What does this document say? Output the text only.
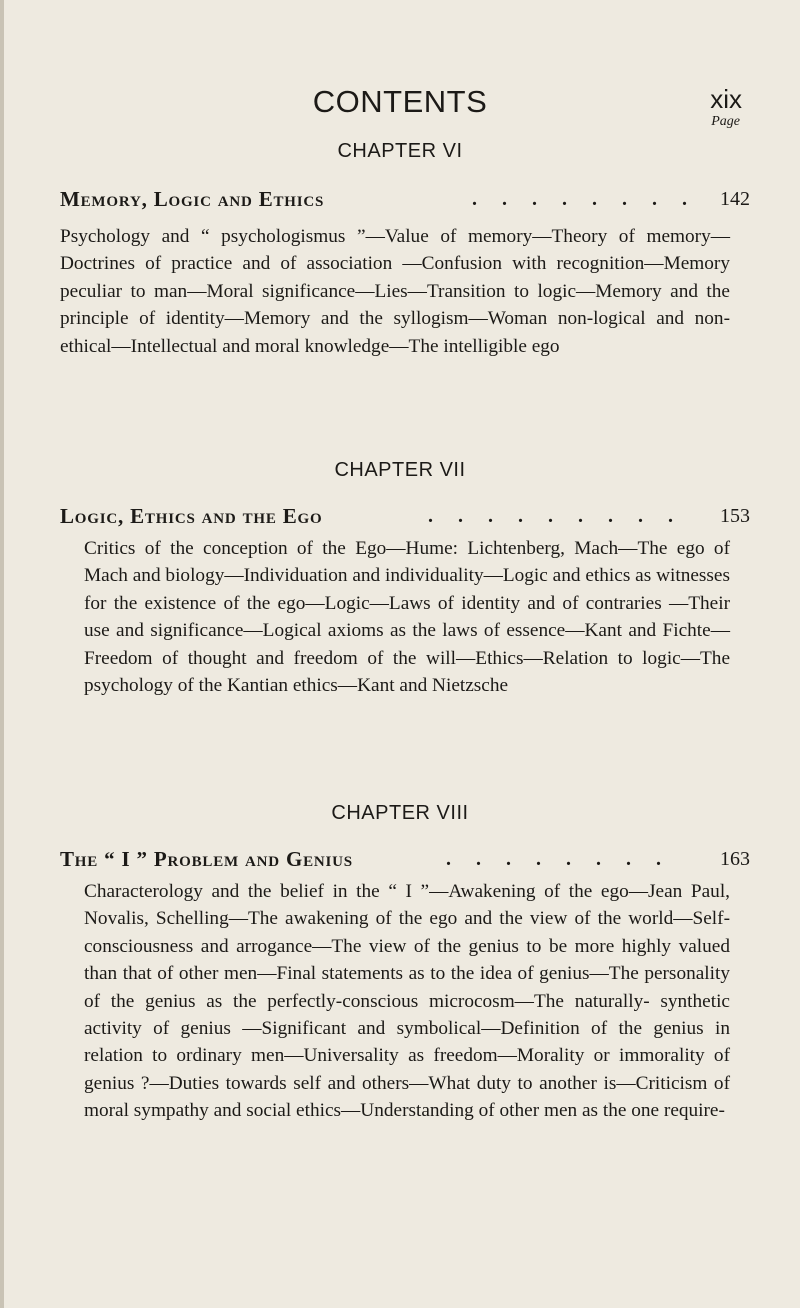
CONTENTS	xix
Page
CHAPTER VI
Memory, Logic and Ethics	. . . . . . . . 142

Psychology and “ psychologismus ”—Value of memory—Theory of memory—Doctrines of practice and of association —Confusion with recognition—Memory peculiar to man—Moral significance—Lies—Transition to logic—Memory and the principle of identity—Memory and the syllogism—Woman non-logical and non-ethical—Intellectual and moral knowledge—The intelligible ego

CHAPTER VII
Logic, Ethics and the Ego	. . . . . . . . . 153

Critics of the conception of the Ego—Hume: Lichtenberg, Mach—The ego of Mach and biology—Individuation and individuality—Logic and ethics as witnesses for the existence of the ego—Logic—Laws of identity and of contraries —Their use and significance—Logical axioms as the laws of essence—Kant and Fichte—Freedom of thought and freedom of the will—Ethics—Relation to logic—The psychology of the Kantian ethics—Kant and Nietzsche

CHAPTER VIII
The “ I ” Problem and Genius	. . . . . . . . 163

Characterology and the belief in the “ I ”—Awakening of the ego—Jean Paul, Novalis, Schelling—The awakening of the ego and the view of the world—Self-consciousness and arrogance—The view of the genius to be more highly valued than that of other men—Final statements as to the idea of genius—The personality of the genius as the perfectly-conscious microcosm—The naturally- synthetic activity of genius —Significant and symbolical—Definition of the genius in relation to ordinary men—Universality as freedom—Morality or immorality of genius ?—Duties towards self and others—What duty to another is—Criticism of moral sympathy and social ethics—Understanding of other men as the one require-
